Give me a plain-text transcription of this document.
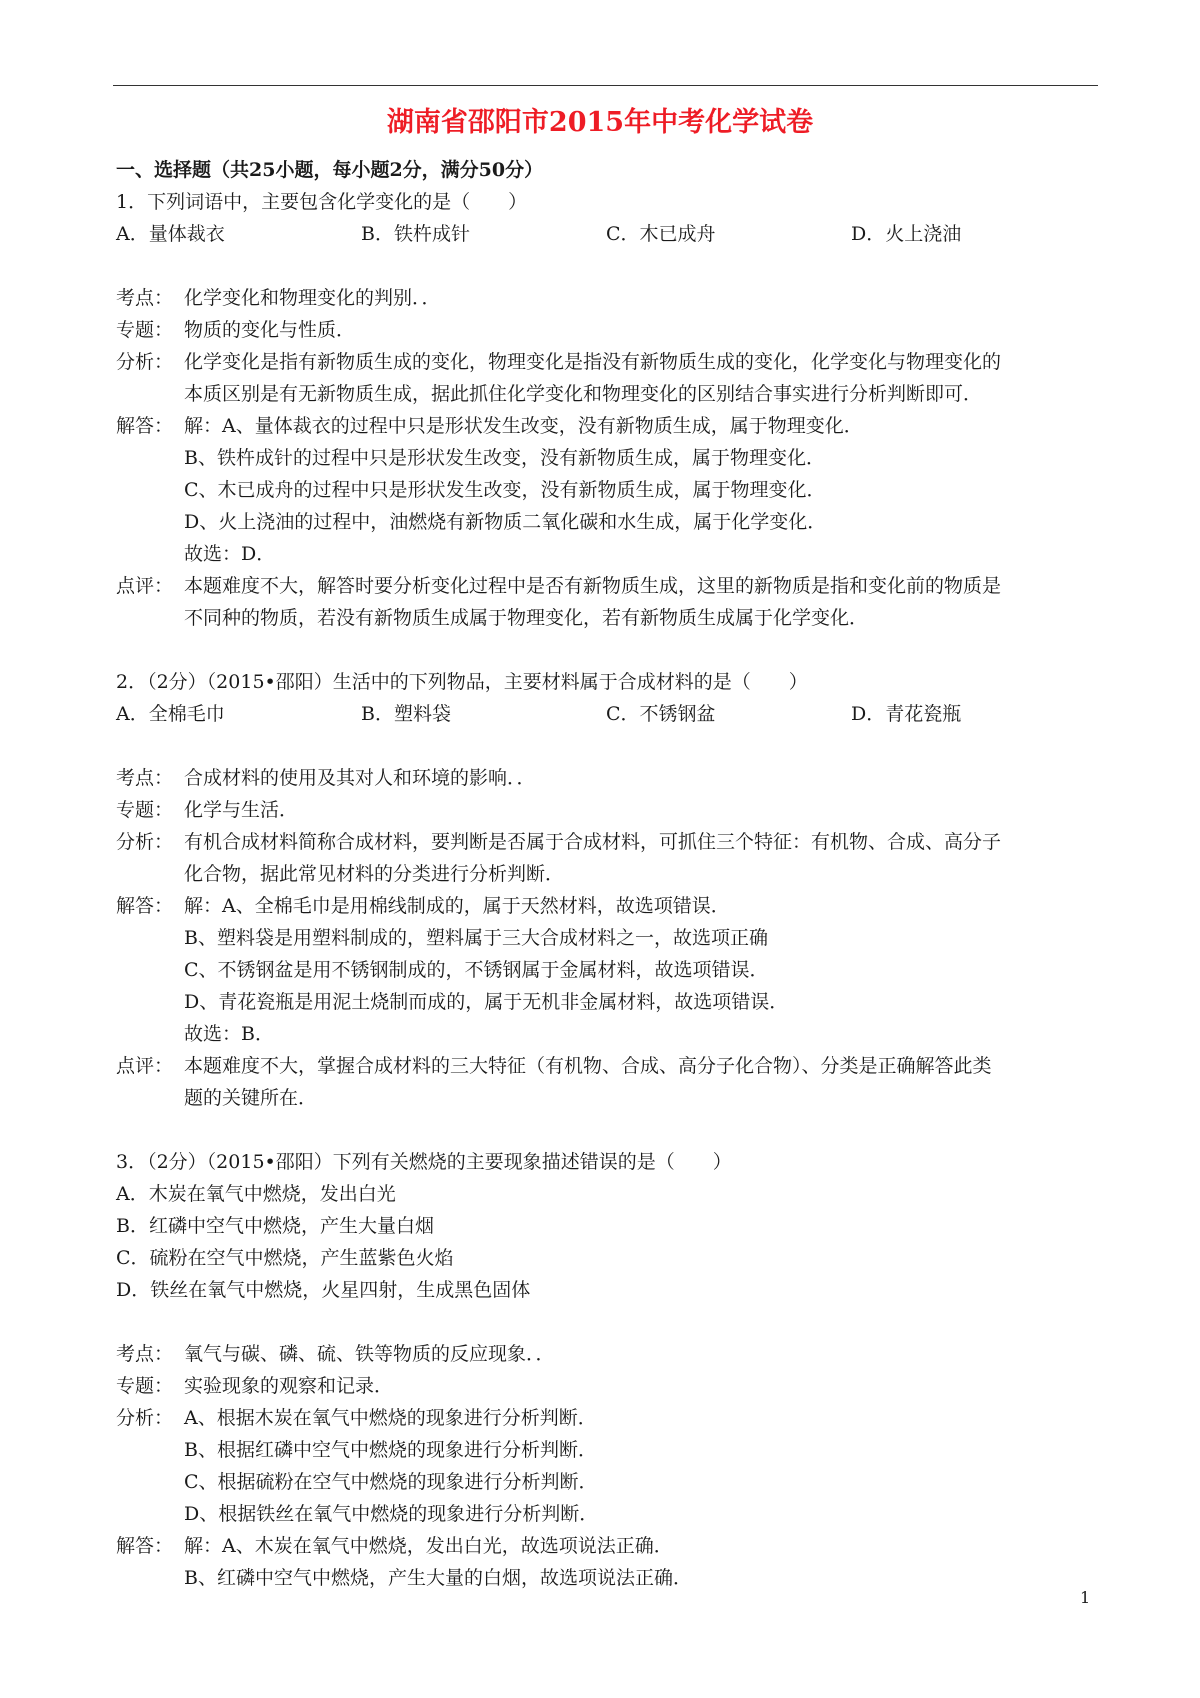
湖南省邵阳市2015年中考化学试卷
一、选择题（共25小题，每小题2分，满分50分）
1．下列词语中，主要包含化学变化的是（　　）
A．量体裁衣	B．铁杵成针	C．木已成舟	D．火上浇油
考点： 化学变化和物理变化的判别．．
专题： 物质的变化与性质．
分析： 化学变化是指有新物质生成的变化，物理变化是指没有新物质生成的变化，化学变化与物理变化的
本质区别是有无新物质生成，据此抓住化学变化和物理变化的区别结合事实进行分析判断即可．
解答： 解：A、量体裁衣的过程中只是形状发生改变，没有新物质生成，属于物理变化．
B、铁杵成针的过程中只是形状发生改变，没有新物质生成，属于物理变化．
C、木已成舟的过程中只是形状发生改变，没有新物质生成，属于物理变化．
D、火上浇油的过程中，油燃烧有新物质二氧化碳和水生成，属于化学变化．
故选：D．
点评： 本题难度不大，解答时要分析变化过程中是否有新物质生成，这里的新物质是指和变化前的物质是
不同种的物质，若没有新物质生成属于物理变化，若有新物质生成属于化学变化．
2．（2分）（2015•邵阳）生活中的下列物品，主要材料属于合成材料的是（　　）
A．全棉毛巾	B．塑料袋	C．不锈钢盆	D．青花瓷瓶
考点： 合成材料的使用及其对人和环境的影响．．
专题： 化学与生活．
分析： 有机合成材料简称合成材料，要判断是否属于合成材料，可抓住三个特征：有机物、合成、高分子
化合物，据此常见材料的分类进行分析判断．
解答： 解：A、全棉毛巾是用棉线制成的，属于天然材料，故选项错误．
B、塑料袋是用塑料制成的，塑料属于三大合成材料之一，故选项正确
C、不锈钢盆是用不锈钢制成的，不锈钢属于金属材料，故选项错误．
D、青花瓷瓶是用泥土烧制而成的，属于无机非金属材料，故选项错误．
故选：B．
点评： 本题难度不大，掌握合成材料的三大特征（有机物、合成、高分子化合物）、分类是正确解答此类
题的关键所在．
3．（2分）（2015•邵阳）下列有关燃烧的主要现象描述错误的是（　　）
A．木炭在氧气中燃烧，发出白光
B．红磷中空气中燃烧，产生大量白烟
C．硫粉在空气中燃烧，产生蓝紫色火焰
D．铁丝在氧气中燃烧，火星四射，生成黑色固体
考点： 氧气与碳、磷、硫、铁等物质的反应现象．．
专题： 实验现象的观察和记录．
分析： A、根据木炭在氧气中燃烧的现象进行分析判断．
B、根据红磷中空气中燃烧的现象进行分析判断．
C、根据硫粉在空气中燃烧的现象进行分析判断．
D、根据铁丝在氧气中燃烧的现象进行分析判断．
解答： 解：A、木炭在氧气中燃烧，发出白光，故选项说法正确．
B、红磷中空气中燃烧，产生大量的白烟，故选项说法正确．
1
